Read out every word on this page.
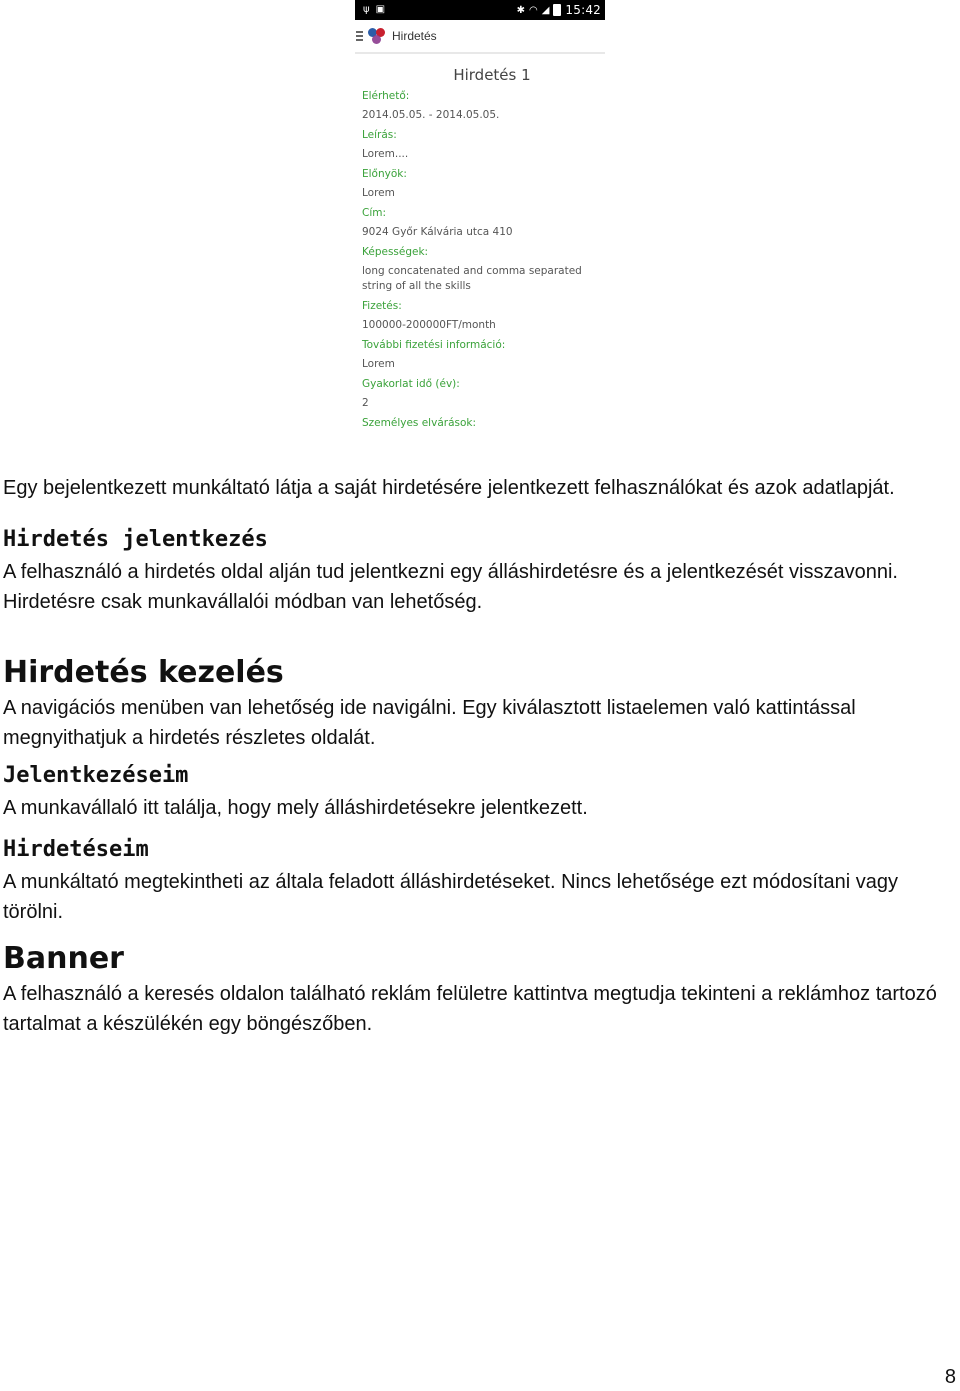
ψ ▣	✱ ◠ ◢ 15:42
Hirdetés
Hirdetés 1
Elérhető:
2014.05.05. - 2014.05.05.
Leírás:
Lorem....
Előnyök:
Lorem
Cím:
9024 Győr Kálvária utca 410
Képességek:
long concatenated and comma separated string of all the skills
Fizetés:
100000-200000FT/month
További fizetési információ:
Lorem
Gyakorlat idő (év):
2
Személyes elvárások:

Egy bejelentkezett munkáltató látja a saját hirdetésére jelentkezett felhasználókat és azok adatlapját.

Hirdetés jelentkezés

A felhasználó a hirdetés oldal alján tud jelentkezni egy álláshirdetésre és a jelentkezését visszavonni. Hirdetésre csak munkavállalói módban van lehetőség.

Hirdetés kezelés

A navigációs menüben van lehetőség ide navigálni. Egy kiválasztott listaelemen való kattintással megnyithatjuk a hirdetés részletes oldalát.

Jelentkezéseim

A munkavállaló itt találja, hogy mely álláshirdetésekre jelentkezett.

Hirdetéseim

A munkáltató megtekintheti az általa feladott álláshirdetéseket. Nincs lehetősége ezt módosítani vagy törölni.

Banner

A felhasználó a keresés oldalon található reklám felületre kattintva megtudja tekinteni a reklámhoz tartozó tartalmat a készülékén egy böngészőben.

8
